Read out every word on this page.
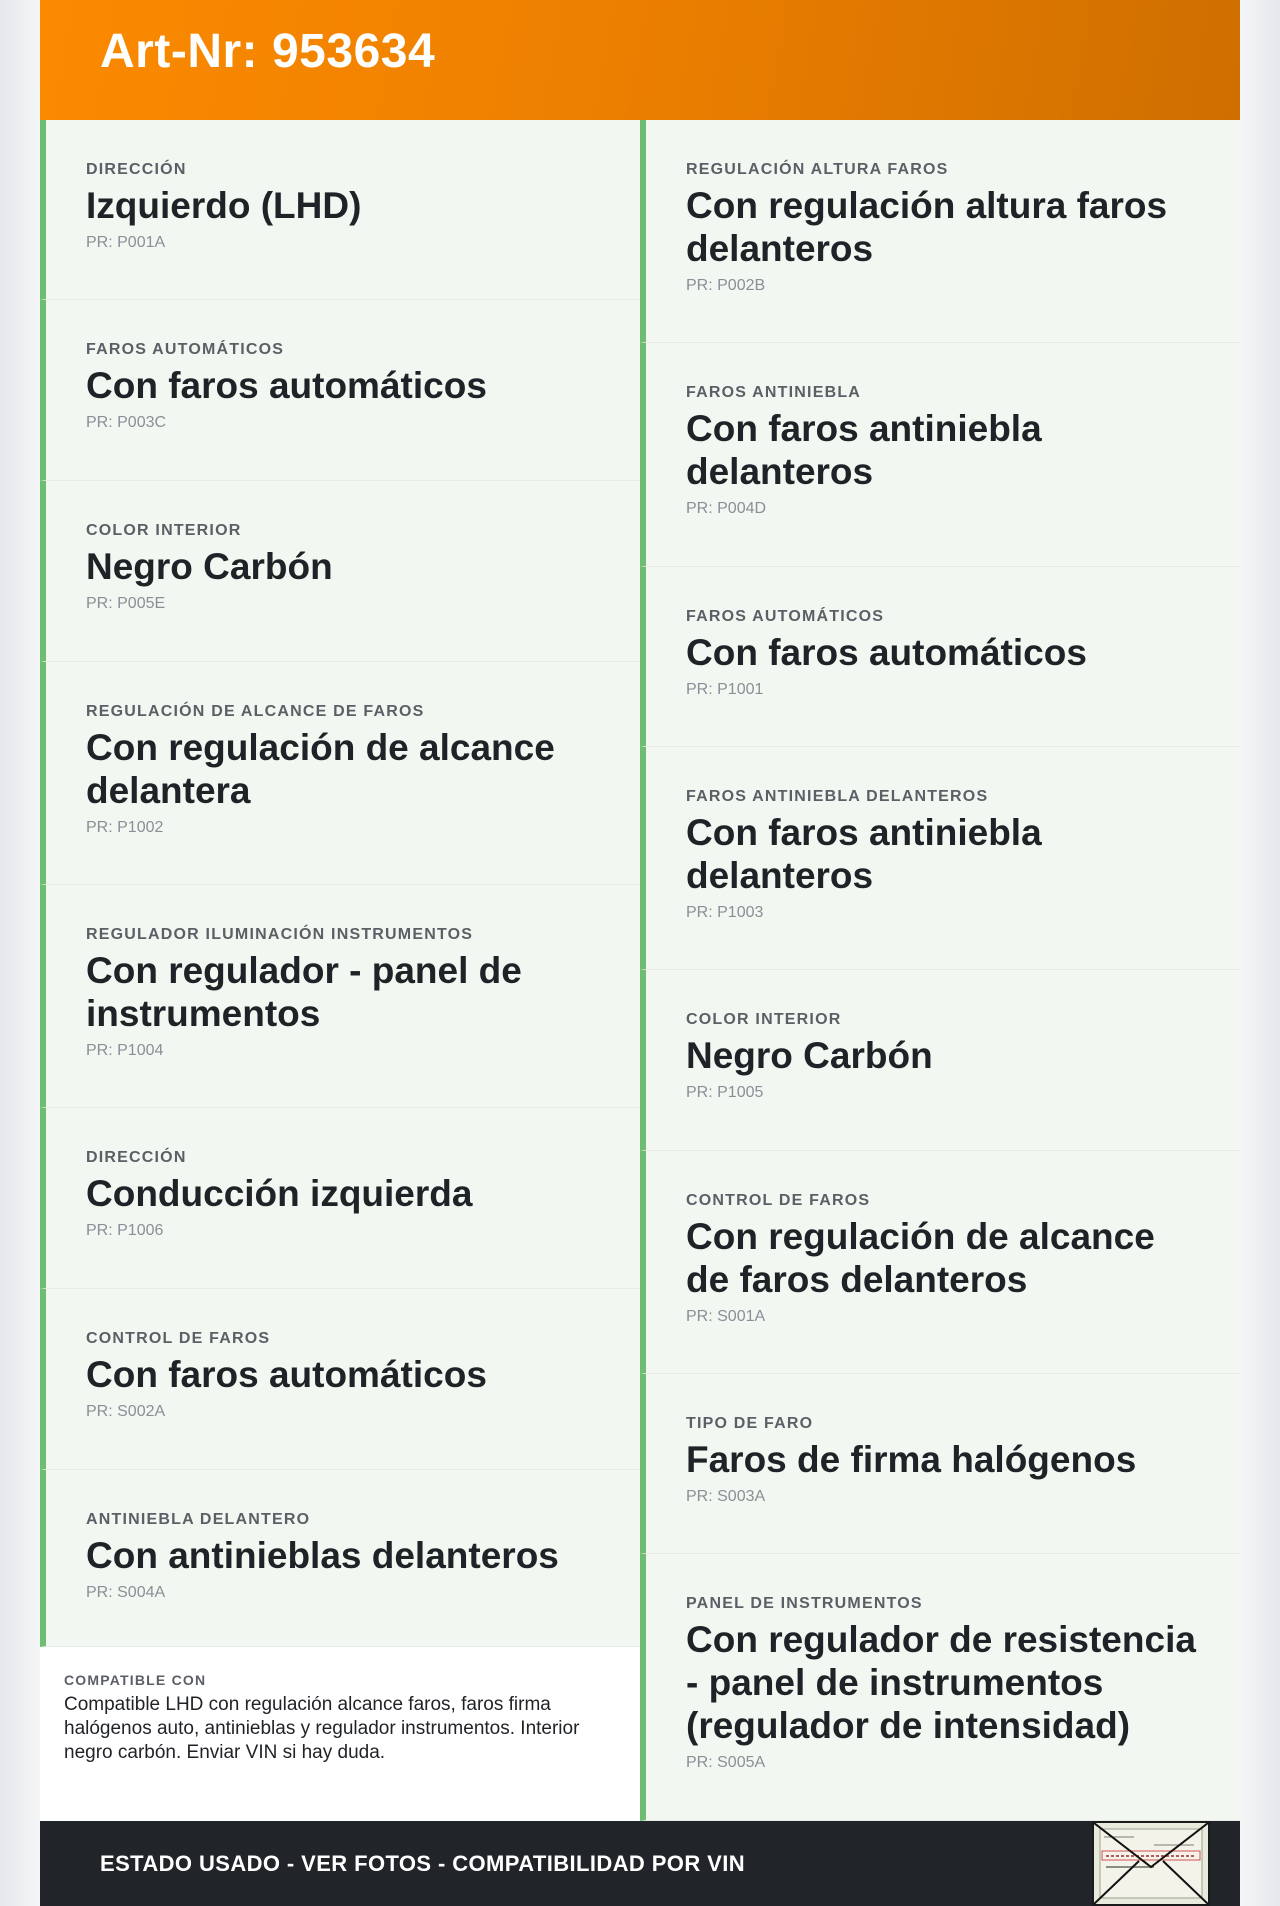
Art-Nr: 953634
DIRECCIÓN
Izquierdo (LHD)
PR: P001A
FAROS AUTOMÁTICOS
Con faros automáticos
PR: P003C
COLOR INTERIOR
Negro Carbón
PR: P005E
REGULACIÓN DE ALCANCE DE FAROS
Con regulación de alcance delantera
PR: P1002
REGULADOR ILUMINACIÓN INSTRUMENTOS
Con regulador - panel de instrumentos
PR: P1004
DIRECCIÓN
Conducción izquierda
PR: P1006
CONTROL DE FAROS
Con faros automáticos
PR: S002A
ANTINIEBLA DELANTERO
Con antinieblas delanteros
PR: S004A
REGULACIÓN ALTURA FAROS
Con regulación altura faros delanteros
PR: P002B
FAROS ANTINIEBLA
Con faros antiniebla delanteros
PR: P004D
FAROS AUTOMÁTICOS
Con faros automáticos
PR: P1001
FAROS ANTINIEBLA DELANTEROS
Con faros antiniebla delanteros
PR: P1003
COLOR INTERIOR
Negro Carbón
PR: P1005
CONTROL DE FAROS
Con regulación de alcance de faros delanteros
PR: S001A
TIPO DE FARO
Faros de firma halógenos
PR: S003A
PANEL DE INSTRUMENTOS
Con regulador de resistencia - panel de instrumentos (regulador de intensidad)
PR: S005A
COMPATIBLE CON
Compatible LHD con regulación alcance faros, faros firma halógenos auto, antinieblas y regulador instrumentos. Interior negro carbón. Enviar VIN si hay duda.
ESTADO USADO - VER FOTOS - COMPATIBILIDAD POR VIN
